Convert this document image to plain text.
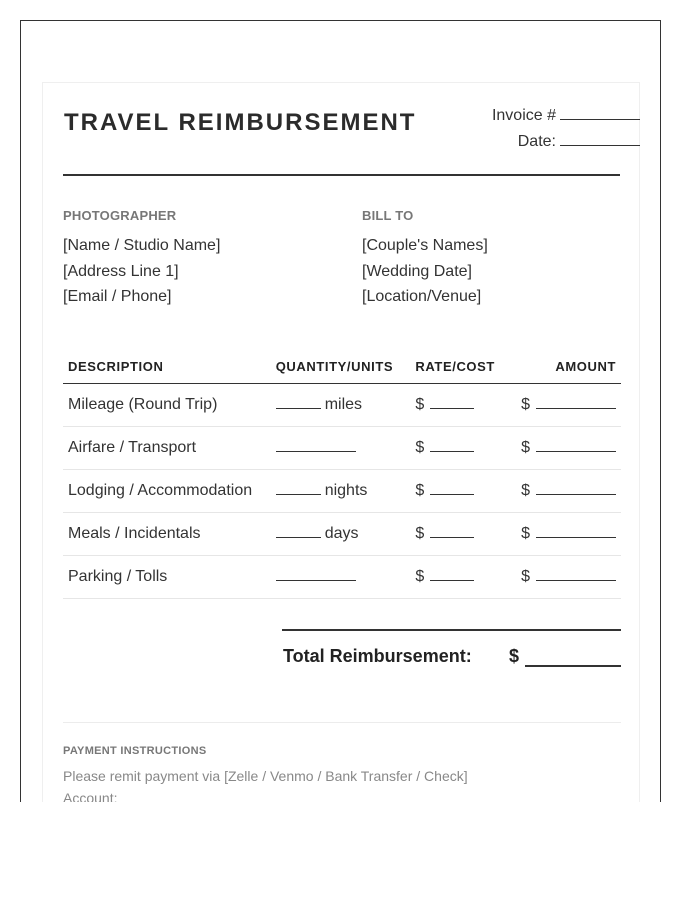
TRAVEL REIMBURSEMENT	Invoice #
Date:
PHOTOGRAPHER
[Name / Studio Name]
[Address Line 1]
[Email / Phone]
BILL TO
[Couple's Names]
[Wedding Date]
[Location/Venue]
DESCRIPTION	QUANTITY/UNITS	RATE/COST	AMOUNT
Mileage (Round Trip)	miles	$	$
Airfare / Transport		$	$
Lodging / Accommodation	nights	$	$
Meals / Incidentals	days	$	$
Parking / Tolls		$	$
Total Reimbursement: $
PAYMENT INSTRUCTIONS
Please remit payment via [Zelle / Venmo / Bank Transfer / Check]
Account:
